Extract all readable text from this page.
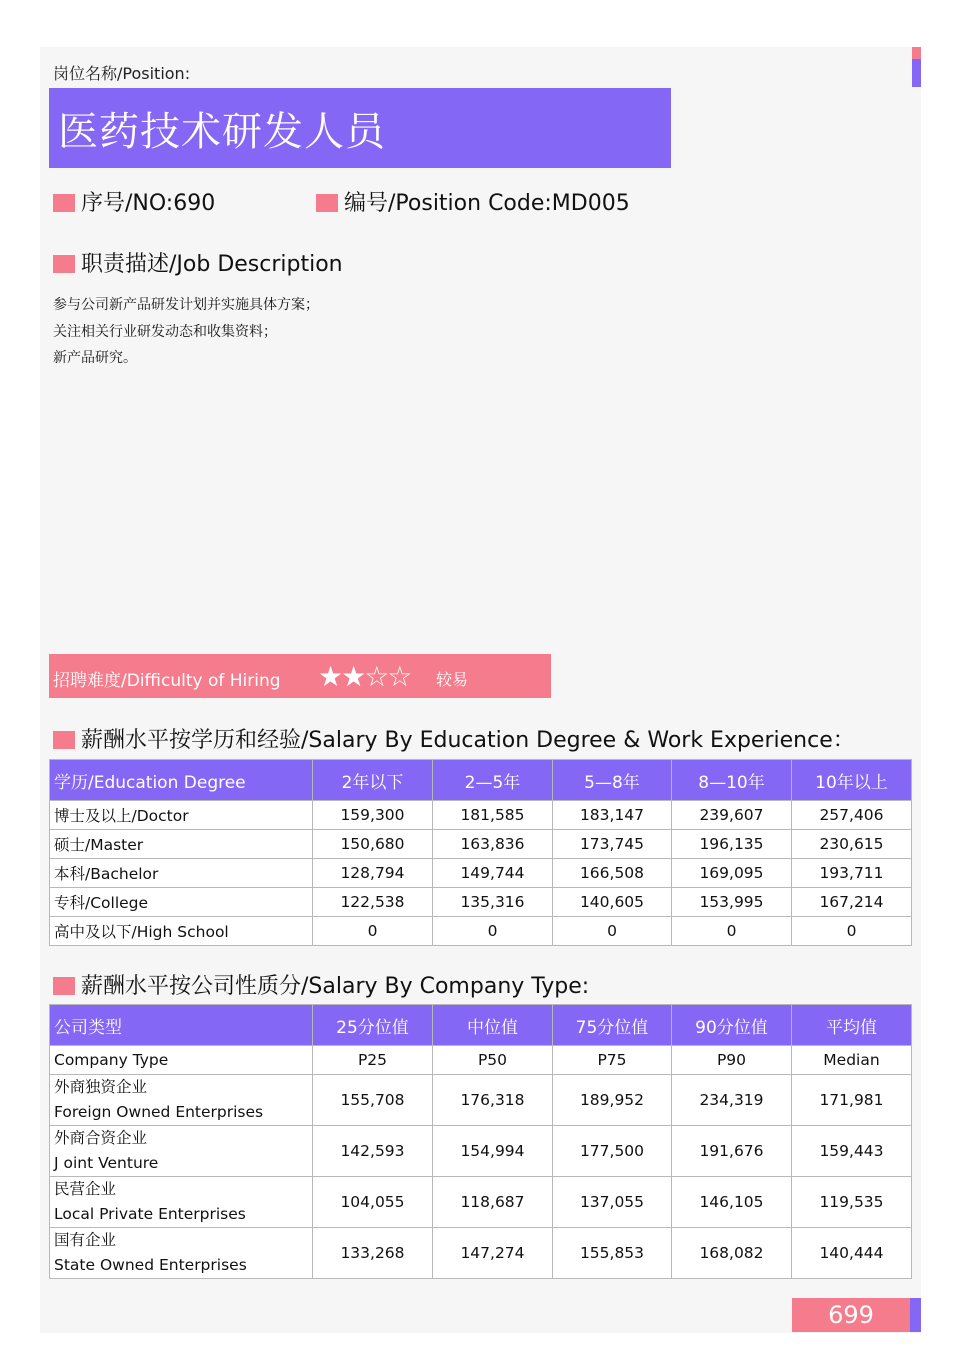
岗位名称/Position:
医药技术研发人员
序号/NO:690	编号/Position Code:MD005
职责描述/Job Description
参与公司新产品研发计划并实施具体方案；
关注相关行业研发动态和收集资料；
新产品研究。
招聘难度/Difficulty of Hiring ★★☆☆ 较易
薪酬水平按学历和经验/Salary By Education Degree & Work Experience：
学历/Education Degree	2年以下	2—5年	5—8年	8—10年	10年以上
博士及以上/Doctor	159,300	181,585	183,147	239,607	257,406
硕士/Master	150,680	163,836	173,745	196,135	230,615
本科/Bachelor	128,794	149,744	166,508	169,095	193,711
专科/College	122,538	135,316	140,605	153,995	167,214
高中及以下/High School	0	0	0	0	0
薪酬水平按公司性质分/Salary By Company Type:
公司类型	25分位值	中位值	75分位值	90分位值	平均值
Company Type	P25	P50	P75	P90	Median

外商独资企业
Foreign Owned Enterprises	155,708	176,318	189,952	234,319	171,981

外商合资企业
J oint Venture	142,593	154,994	177,500	191,676	159,443

民营企业
Local Private Enterprises	104,055	118,687	137,055	146,105	119,535

国有企业
State Owned Enterprises	133,268	147,274	155,853	168,082	140,444
699
